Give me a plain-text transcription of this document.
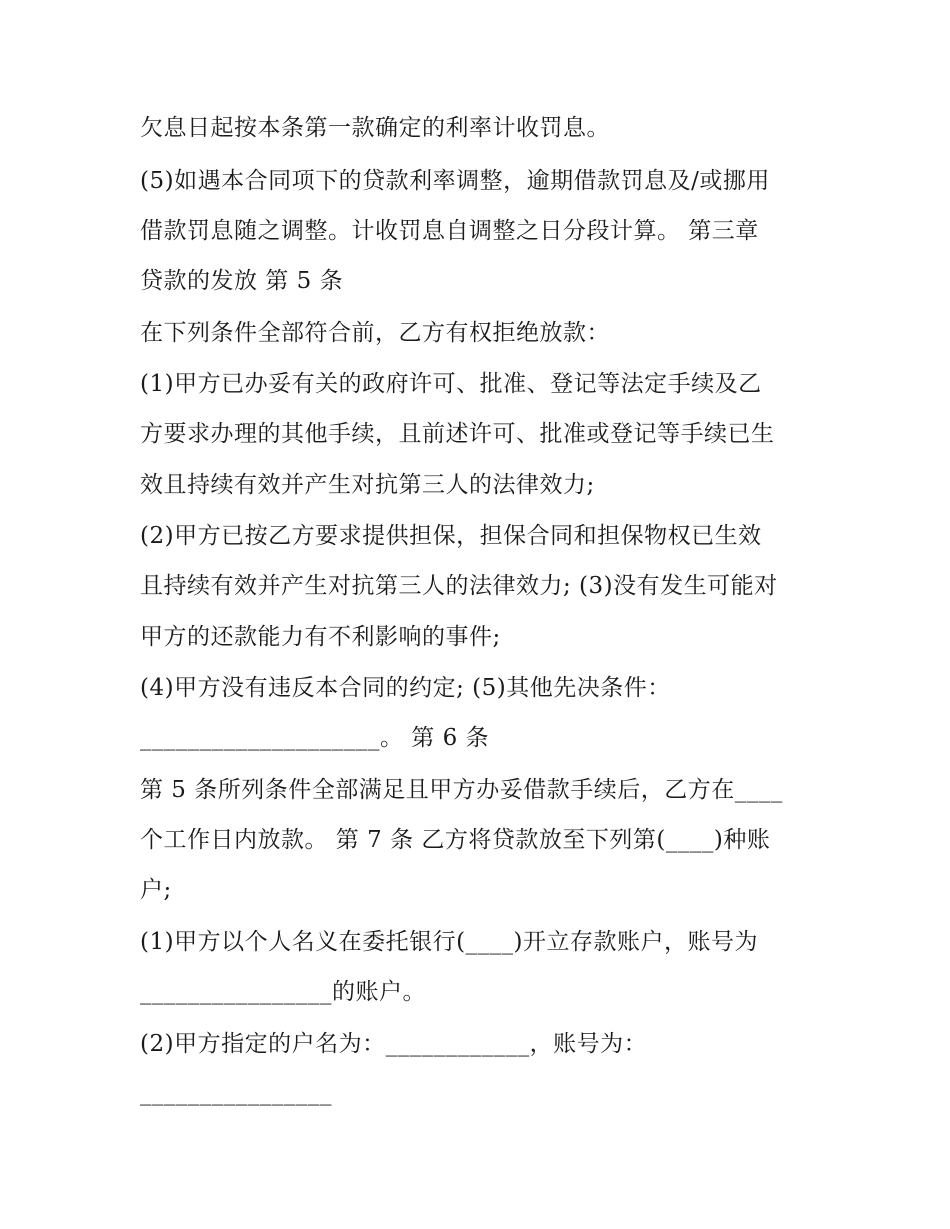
欠息日起按本条第一款确定的利率计收罚息。
(5)如遇本合同项下的贷款利率调整，逾期借款罚息及/或挪用
借款罚息随之调整。计收罚息自调整之日分段计算。 第三章
贷款的发放 第 5 条
在下列条件全部符合前，乙方有权拒绝放款：
(1)甲方已办妥有关的政府许可、批准、登记等法定手续及乙
方要求办理的其他手续，且前述许可、批准或登记等手续已生
效且持续有效并产生对抗第三人的法律效力;
(2)甲方已按乙方要求提供担保，担保合同和担保物权已生效
且持续有效并产生对抗第三人的法律效力; (3)没有发生可能对
甲方的还款能力有不利影响的事件;
(4)甲方没有违反本合同的约定; (5)其他先决条件：
____________________。 第 6 条
第 5 条所列条件全部满足且甲方办妥借款手续后，乙方在____
个工作日内放款。 第 7 条 乙方将贷款放至下列第(____)种账
户;
(1)甲方以个人名义在委托银行(____)开立存款账户，账号为
________________的账户。
(2)甲方指定的户名为：____________，账号为：
________________
